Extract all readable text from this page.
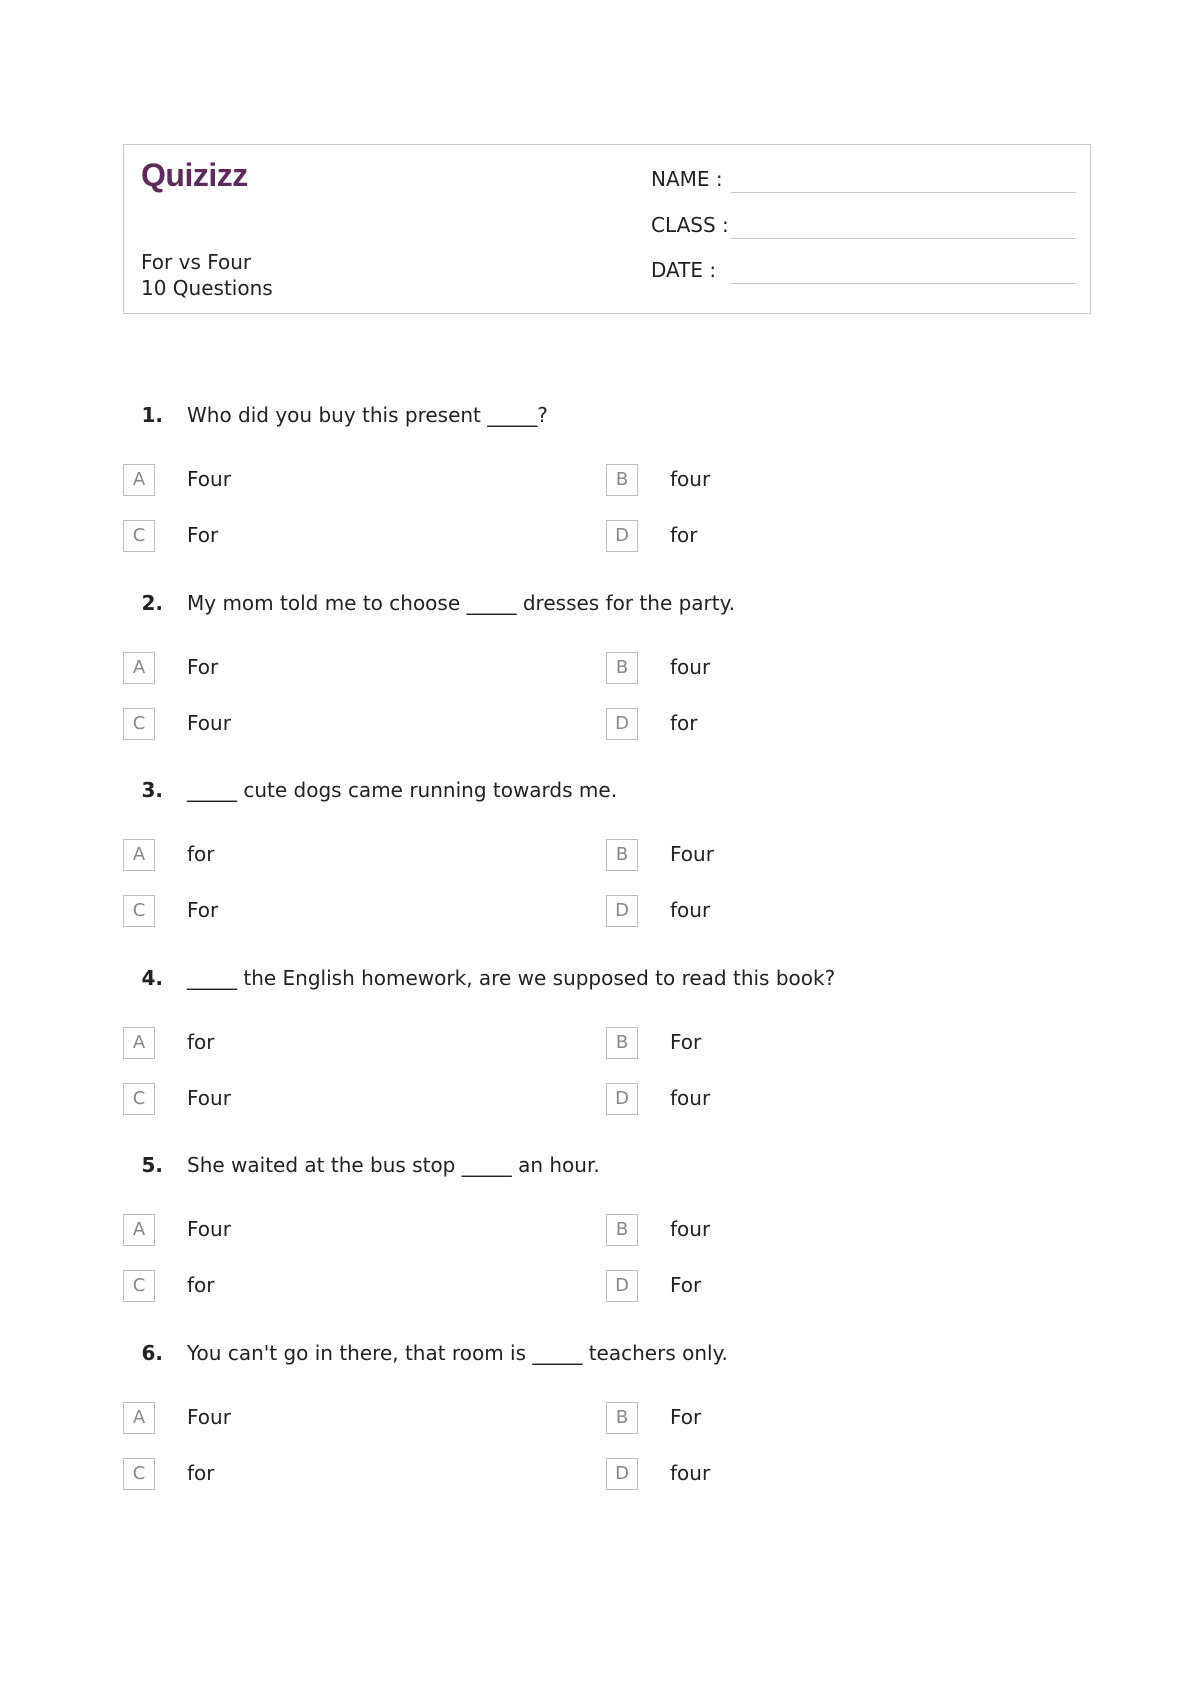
Quizizz
For vs Four
10 Questions
NAME :
CLASS :
DATE :
1. Who did you buy this present _____?
A	Four	B	four
C	For	D	for
2. My mom told me to choose _____ dresses for the party.
A	For	B	four
C	Four	D	for
3. _____ cute dogs came running towards me.
A	for	B	Four
C	For	D	four
4. _____ the English homework, are we supposed to read this book?
A	for	B	For
C	Four	D	four
5. She waited at the bus stop _____ an hour.
A	Four	B	four
C	for	D	For
6. You can't go in there, that room is _____ teachers only.
A	Four	B	For
C	for	D	four
